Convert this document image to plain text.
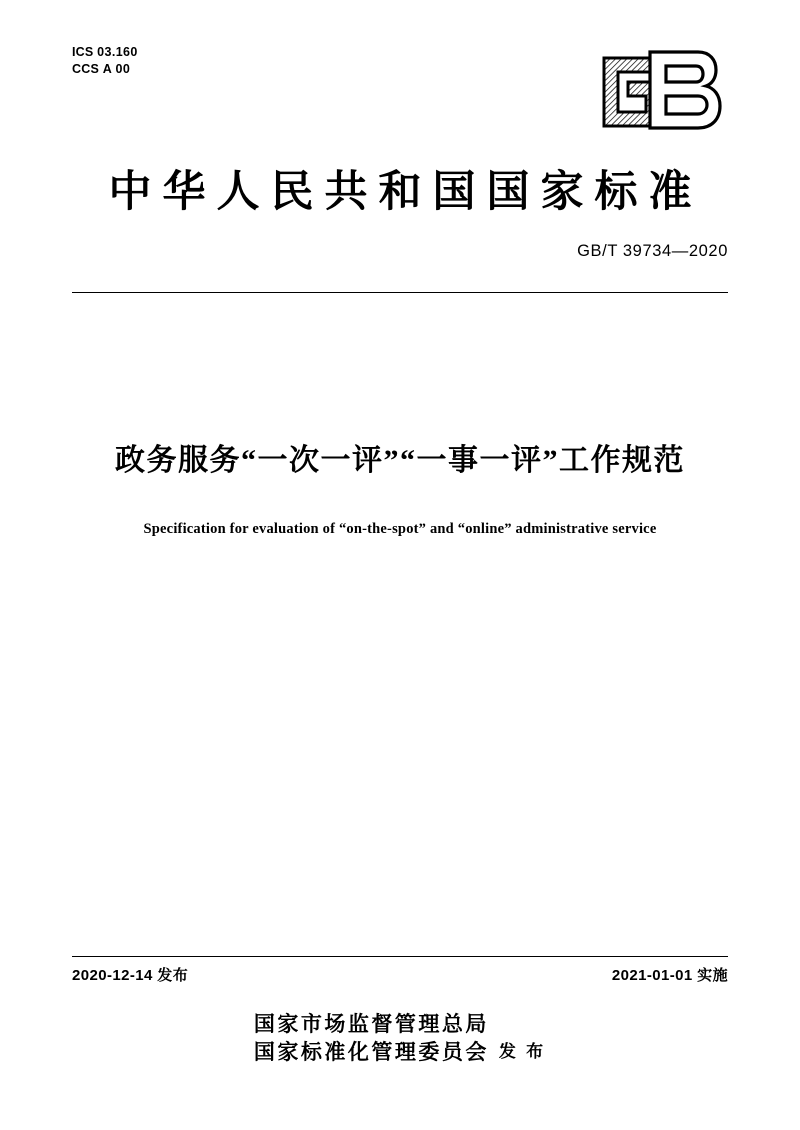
ICS 03.160
CCS A 00
中华人民共和国国家标准
GB/T 39734—2020
政务服务“一次一评”“一事一评”工作规范
Specification for evaluation of “on-the-spot” and “online” administrative service
2020-12-14 发布	2021-01-01 实施
国家市场监督管理总局
国家标准化管理委员会 发 布
